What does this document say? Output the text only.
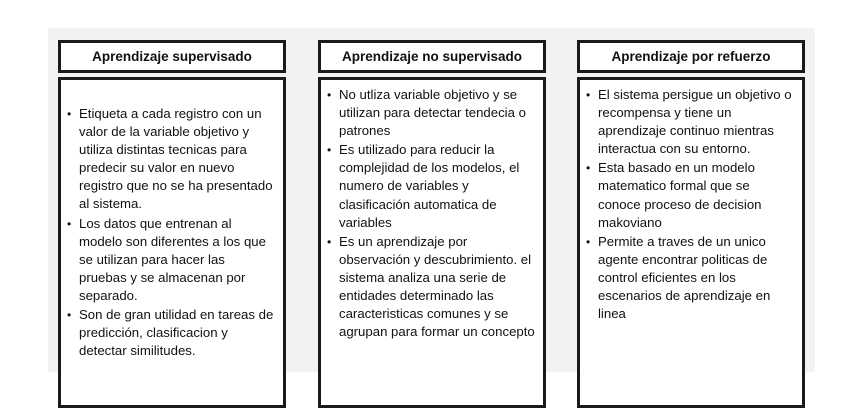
Aprendizaje supervisado
• Etiqueta a cada registro con un valor de la variable objetivo y utiliza distintas tecnicas para predecir su valor en nuevo registro que no se ha presentado al sistema.
• Los datos que entrenan al modelo son diferentes a los que se utilizan para hacer las pruebas y se almacenan por separado.
• Son de gran utilidad en tareas de predicción, clasificacion y detectar similitudes.
Aprendizaje no supervisado
• No utliza variable objetivo y se utilizan para detectar tendecia o patrones
• Es utilizado para reducir la complejidad de los modelos, el numero de variables y clasificación automatica de variables
• Es un aprendizaje por observación y descubrimiento. el sistema analiza una serie de entidades determinado las caracteristicas comunes y se agrupan para formar un concepto
Aprendizaje por refuerzo
• El sistema persigue un objetivo o recompensa y tiene un aprendizaje continuo mientras interactua con su entorno.
• Esta basado en un modelo matematico formal que se conoce proceso de decision makoviano
• Permite a traves de un unico agente encontrar politicas de control eficientes en los escenarios de aprendizaje en linea
